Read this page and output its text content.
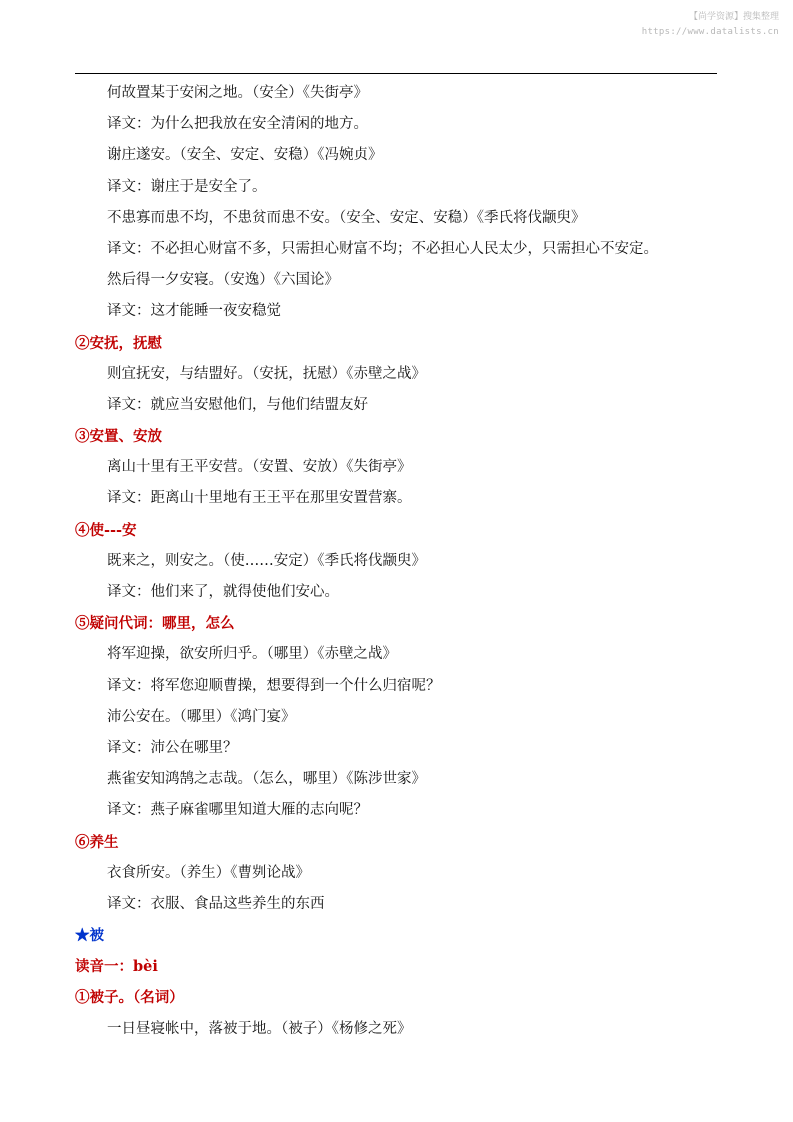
【尚学资源】搜集整理
https://www.datalists.cn
何故置某于安闲之地。（安全）《失街亭》
译文：为什么把我放在安全清闲的地方。
谢庄遂安。（安全、安定、安稳）《冯婉贞》
译文：谢庄于是安全了。
不患寡而患不均，不患贫而患不安。（安全、安定、安稳）《季氏将伐颛臾》
译文：不必担心财富不多，只需担心财富不均；不必担心人民太少，只需担心不安定。
然后得一夕安寝。（安逸）《六国论》
译文：这才能睡一夜安稳觉
②安抚，抚慰
则宜抚安，与结盟好。（安抚，抚慰）《赤壁之战》
译文：就应当安慰他们，与他们结盟友好
③安置、安放
离山十里有王平安营。（安置、安放）《失街亭》
译文：距离山十里地有王王平在那里安置营寨。
④使---安
既来之，则安之。（使……安定）《季氏将伐颛臾》
译文：他们来了，就得使他们安心。
⑤疑问代词：哪里，怎么
将军迎操，欲安所归乎。（哪里）《赤壁之战》
译文：将军您迎顺曹操，想要得到一个什么归宿呢？
沛公安在。（哪里）《鸿门宴》
译文：沛公在哪里？
燕雀安知鸿鹄之志哉。（怎么，哪里）《陈涉世家》
译文：燕子麻雀哪里知道大雁的志向呢？
⑥养生
衣食所安。（养生）《曹刿论战》
译文：衣服、食品这些养生的东西
★被
读音一：bèi
①被子。（名词）
一日昼寝帐中，落被于地。（被子）《杨修之死》
